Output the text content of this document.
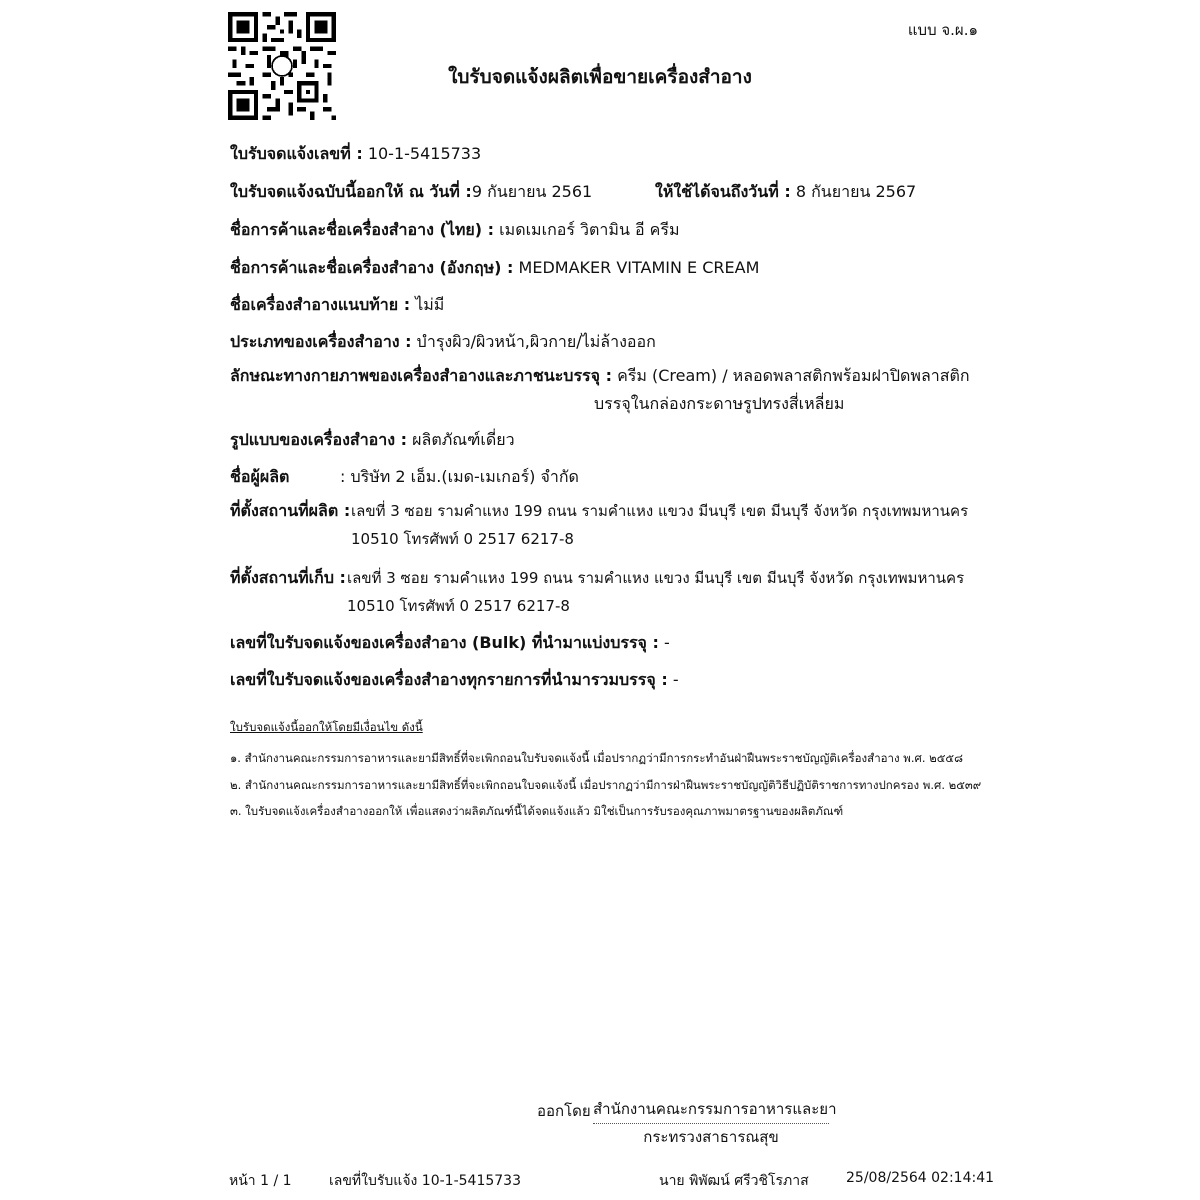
แบบ จ.ผ.๑
ใบรับจดแจ้งผลิตเพื่อขายเครื่องสำอาง
ใบรับจดแจ้งเลขที่ : 10-1-5415733
ใบรับจดแจ้งฉบับนี้ออกให้ ณ วันที่ :9 กันยายน 2561	ให้ใช้ได้จนถึงวันที่ : 8 กันยายน 2567
ชื่อการค้าและชื่อเครื่องสำอาง (ไทย) : เมดเมเกอร์ วิตามิน อี ครีม
ชื่อการค้าและชื่อเครื่องสำอาง (อังกฤษ) : MEDMAKER VITAMIN E CREAM
ชื่อเครื่องสำอางแนบท้าย : ไม่มี
ประเภทของเครื่องสำอาง : บำรุงผิว/ผิวหน้า,ผิวกาย/ไม่ล้างออก
ลักษณะทางกายภาพของเครื่องสำอางและภาชนะบรรจุ : ครีม (Cream) / หลอดพลาสติกพร้อมฝาปิดพลาสติก
บรรจุในกล่องกระดาษรูปทรงสี่เหลี่ยม
รูปแบบของเครื่องสำอาง : ผลิตภัณฑ์เดี่ยว
ชื่อผู้ผลิต	: บริษัท 2 เอ็ม.(เมด-เมเกอร์) จำกัด
ที่ตั้งสถานที่ผลิต : เลขที่ 3 ซอย รามคำแหง 199 ถนน รามคำแหง แขวง มีนบุรี เขต มีนบุรี จังหวัด กรุงเทพมหานคร
10510 โทรศัพท์ 0 2517 6217-8
ที่ตั้งสถานที่เก็บ : เลขที่ 3 ซอย รามคำแหง 199 ถนน รามคำแหง แขวง มีนบุรี เขต มีนบุรี จังหวัด กรุงเทพมหานคร
10510 โทรศัพท์ 0 2517 6217-8
เลขที่ใบรับจดแจ้งของเครื่องสำอาง (Bulk) ที่นำมาแบ่งบรรจุ : -
เลขที่ใบรับจดแจ้งของเครื่องสำอางทุกรายการที่นำมารวมบรรจุ : -
ใบรับจดแจ้งนี้ออกให้โดยมีเงื่อนไข ดังนี้
๑. สำนักงานคณะกรรมการอาหารและยามีสิทธิ์ที่จะเพิกถอนใบรับจดแจ้งนี้ เมื่อปรากฏว่ามีการกระทำอันฝ่าฝืนพระราชบัญญัติเครื่องสำอาง พ.ศ. ๒๕๕๘
๒. สำนักงานคณะกรรมการอาหารและยามีสิทธิ์ที่จะเพิกถอนใบจดแจ้งนี้ เมื่อปรากฏว่ามีการฝ่าฝืนพระราชบัญญัติวิธีปฏิบัติราชการทางปกครอง พ.ศ. ๒๕๓๙
๓. ใบรับจดแจ้งเครื่องสำอางออกให้ เพื่อแสดงว่าผลิตภัณฑ์นี้ได้จดแจ้งแล้ว มิใช่เป็นการรับรองคุณภาพมาตรฐานของผลิตภัณฑ์
ออกโดย สำนักงานคณะกรรมการอาหารและยา
กระทรวงสาธารณสุข
หน้า 1 / 1	เลขที่ใบรับแจ้ง 10-1-5415733	นาย พิพัฒน์ ศรีวชิโรภาส	25/08/2564 02:14:41
